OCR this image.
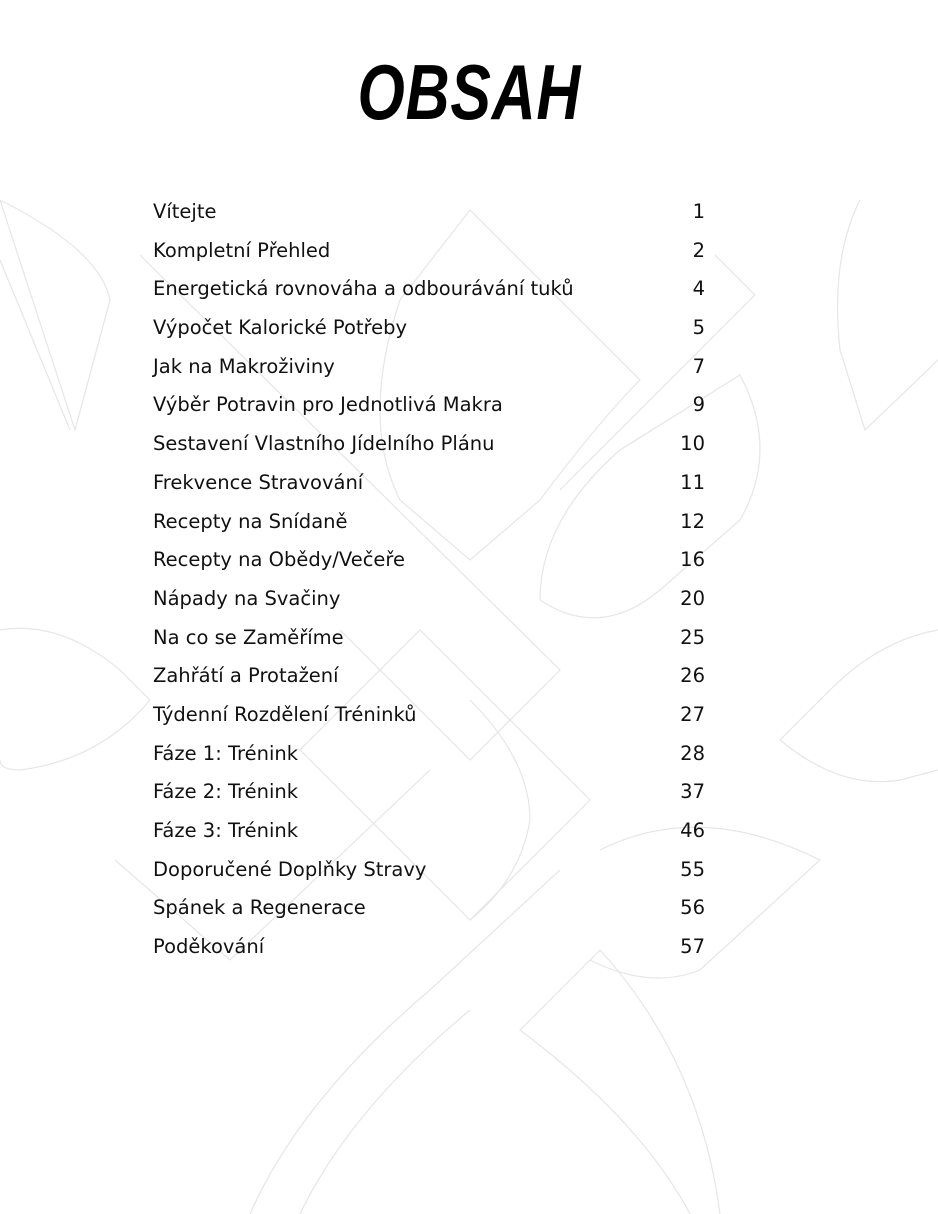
OBSAH
Vítejte	1
Kompletní Přehled	2
Energetická rovnováha a odbourávání tuků	4
Výpočet Kalorické Potřeby	5
Jak na Makroživiny	7
Výběr Potravin pro Jednotlivá Makra	9
Sestavení Vlastního Jídelního Plánu	10
Frekvence Stravování	11
Recepty na Snídaně	12
Recepty na Obědy/Večeře	16
Nápady na Svačiny	20
Na co se Zaměříme	25
Zahřátí a Protažení	26
Týdenní Rozdělení Tréninků	27
Fáze 1: Trénink	28
Fáze 2: Trénink	37
Fáze 3: Trénink	46
Doporučené Doplňky Stravy	55
Spánek a Regenerace	56
Poděkování	57
